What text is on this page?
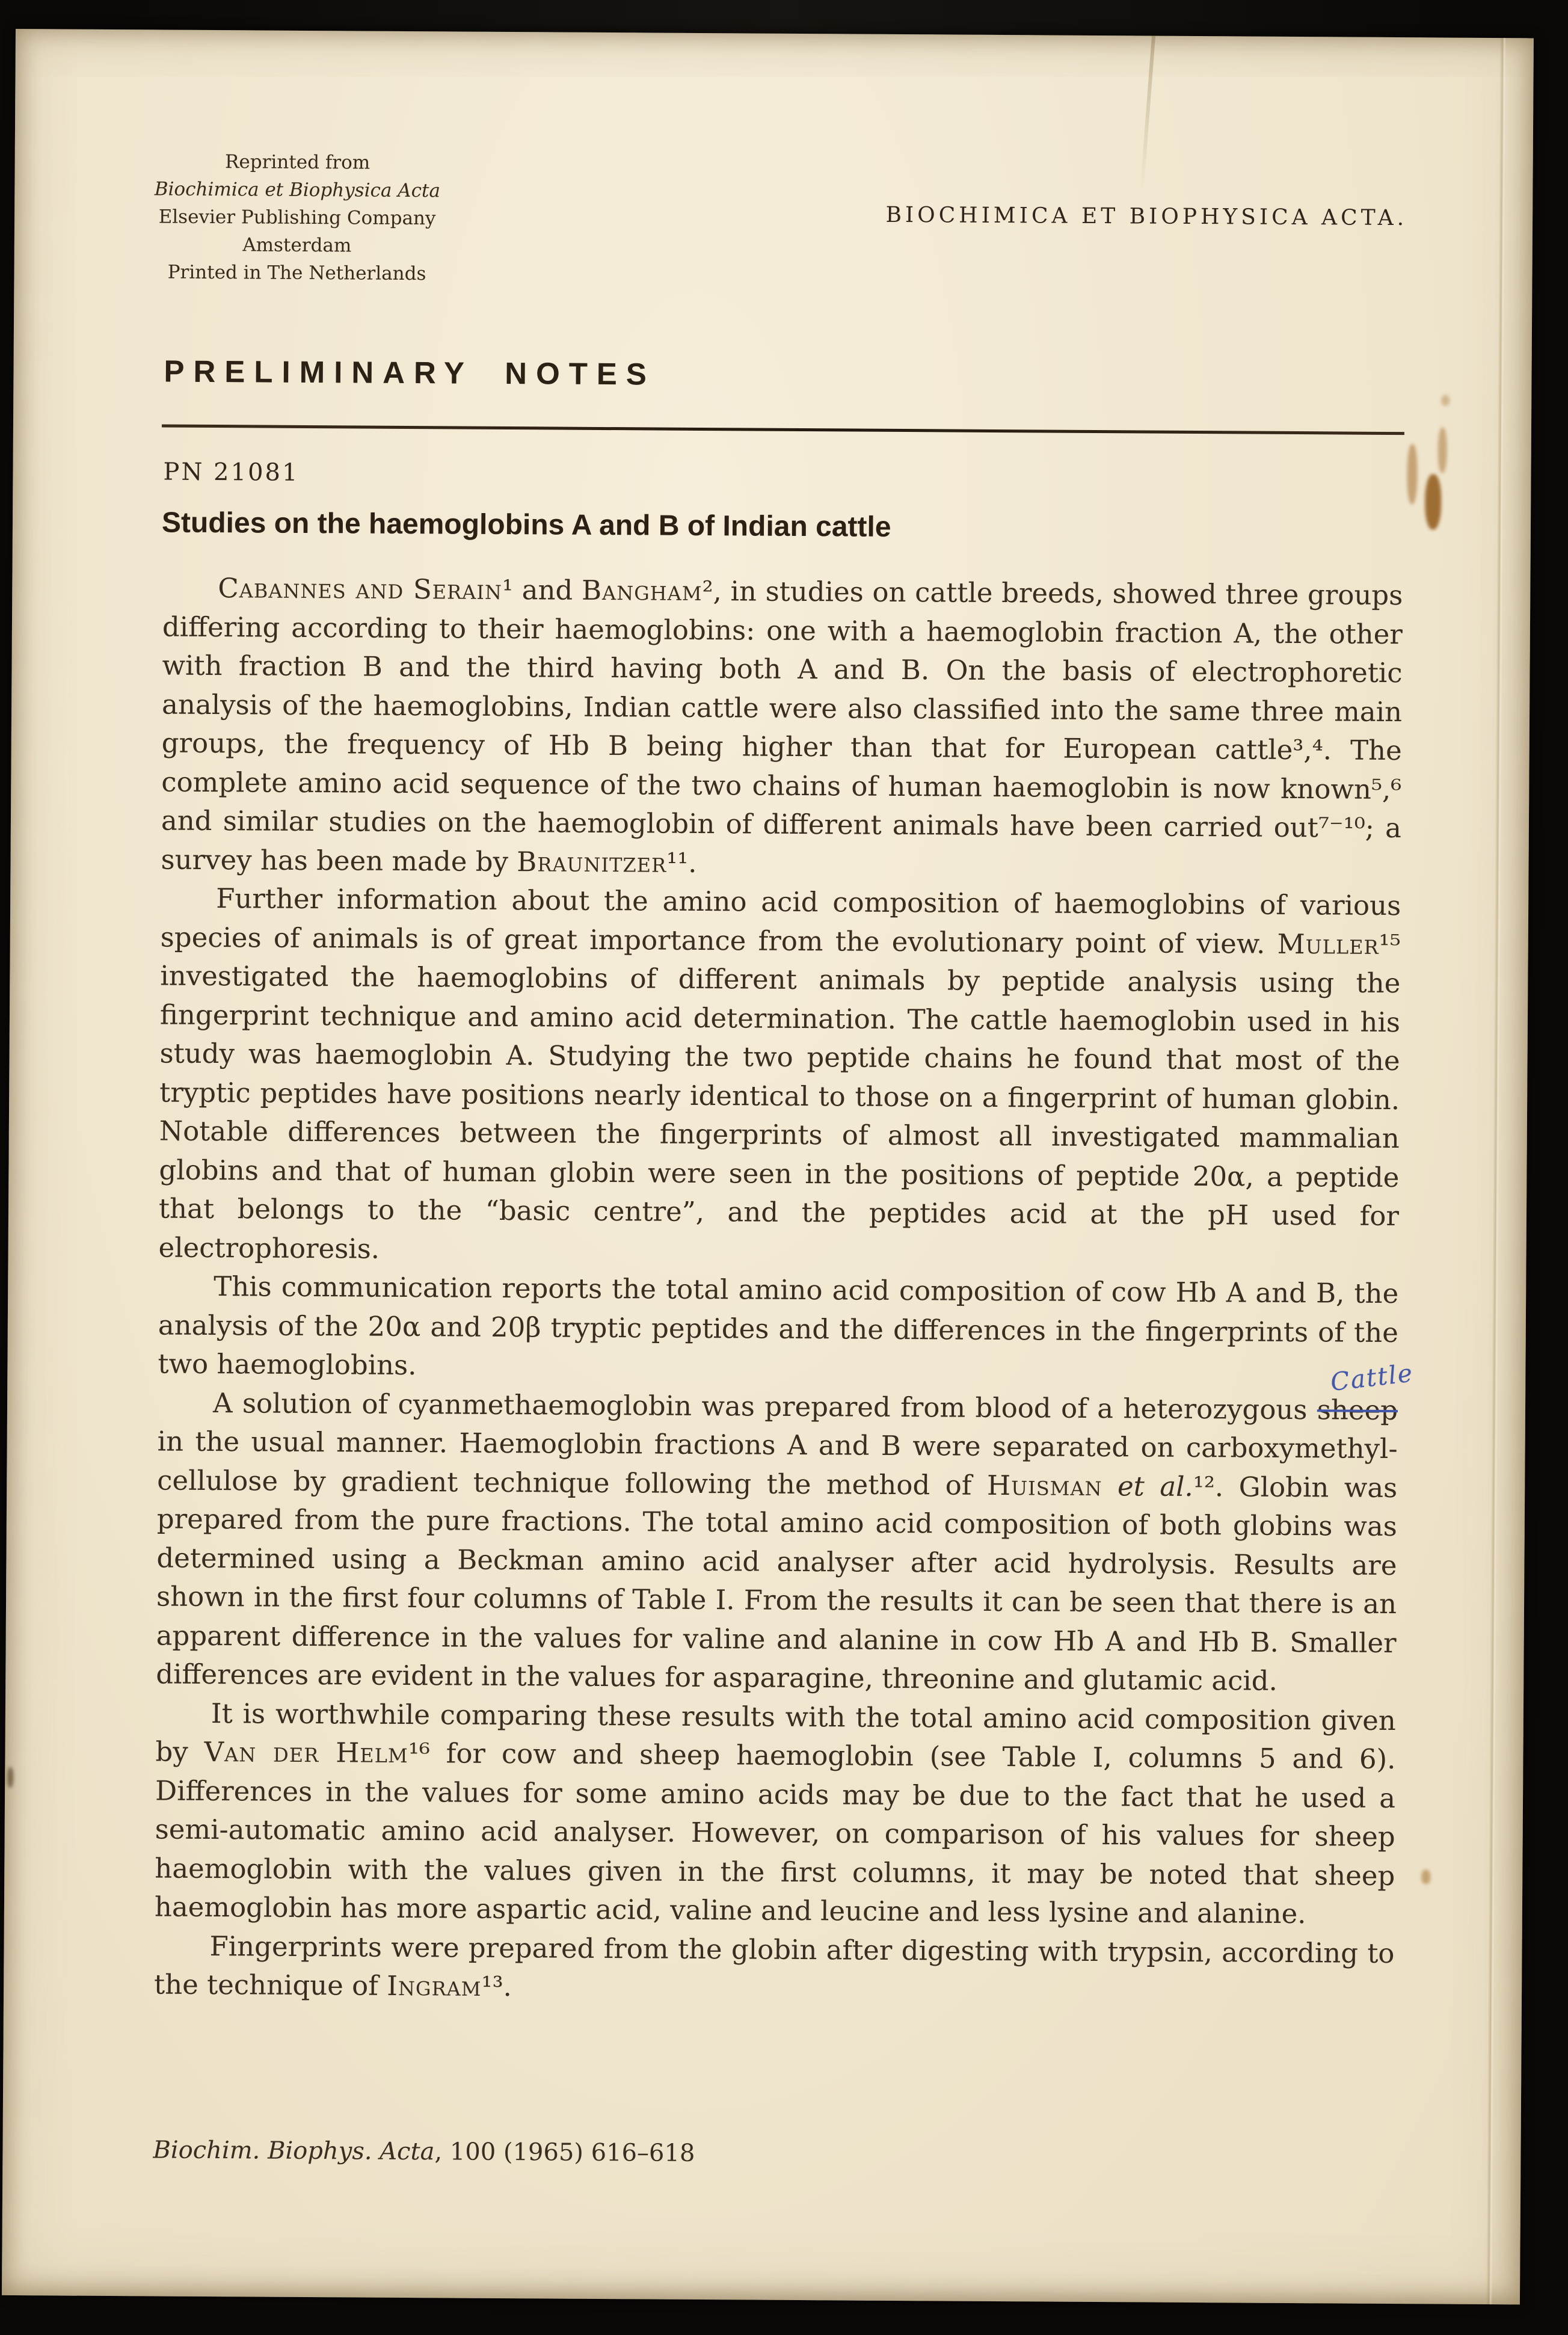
Reprinted from
Biochimica et Biophysica Acta
Elsevier Publishing Company
Amsterdam
Printed in The Netherlands
BIOCHIMICA ET BIOPHYSICA ACTA.
PRELIMINARY NOTES
PN 21081
Studies on the haemoglobins A and B of Indian cattle

Cabannes and Serain¹ and Bangham², in studies on cattle breeds, showed three groups differing according to their haemoglobins: one with a haemoglobin fraction A, the other with fraction B and the third having both A and B. On the basis of electrophoretic analysis of the haemoglobins, Indian cattle were also classified into the same three main groups, the frequency of Hb B being higher than that for European cattle³,⁴. The complete amino acid sequence of the two chains of human haemoglobin is now known⁵,⁶ and similar studies on the haemoglobin of different animals have been carried out⁷⁻¹⁰; a survey has been made by Braunitzer¹¹.

Further information about the amino acid composition of haemoglobins of various species of animals is of great importance from the evolutionary point of view. Muller¹⁵ investigated the haemoglobins of different animals by peptide analysis using the fingerprint technique and amino acid determination. The cattle haemoglobin used in his study was haemoglobin A. Studying the two peptide chains he found that most of the tryptic peptides have positions nearly identical to those on a fingerprint of human globin. Notable differences between the fingerprints of almost all investigated mammalian globins and that of human globin were seen in the positions of peptide 20α, a peptide that belongs to the “basic centre”, and the peptides acid at the pH used for electrophoresis.

This communication reports the total amino acid composition of cow Hb A and B, the analysis of the 20α and 20β tryptic peptides and the differences in the fingerprints of the two haemoglobins.

A solution of cyanmethaemoglobin was prepared from blood of a heterozygous sheep
Cattle
in the usual manner. Haemoglobin fractions A and B were separated on carboxymethyl-cellulose by gradient technique following the method of Huisman et al.¹². Globin was prepared from the pure fractions. The total amino acid composition of both globins was determined using a Beckman amino acid analyser after acid hydrolysis. Results are shown in the first four columns of Table I. From the results it can be seen that there is an apparent difference in the values for valine and alanine in cow Hb A and Hb B. Smaller differences are evident in the values for asparagine, threonine and glutamic acid.

It is worthwhile comparing these results with the total amino acid composition given by Van der Helm¹⁶ for cow and sheep haemoglobin (see Table I, columns 5 and 6). Differences in the values for some amino acids may be due to the fact that he used a semi-automatic amino acid analyser. However, on comparison of his values for sheep haemoglobin with the values given in the first columns, it may be noted that sheep haemoglobin has more aspartic acid, valine and leucine and less lysine and alanine.

Fingerprints were prepared from the globin after digesting with trypsin, according to the technique of Ingram¹³.

Biochim. Biophys. Acta, 100 (1965) 616–618
